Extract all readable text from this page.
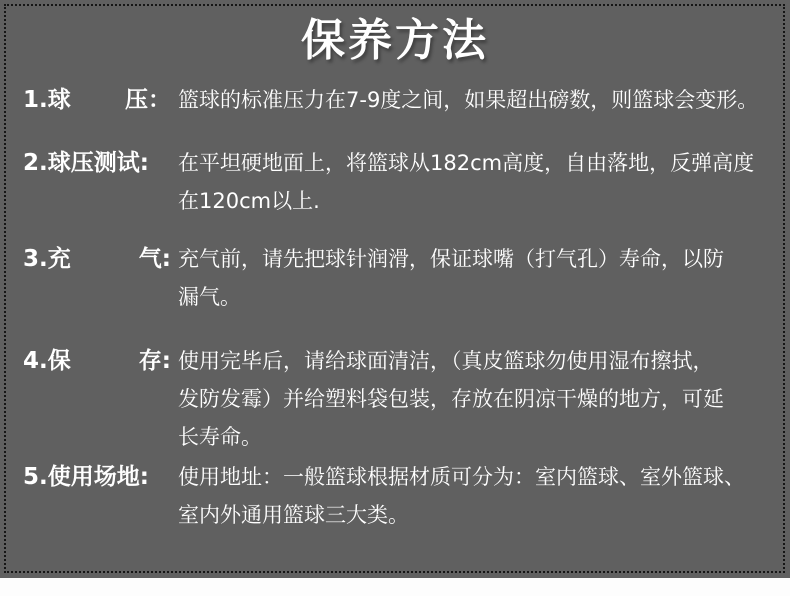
保养方法
1.球 压： 篮球的标准压力在7-9度之间，如果超出磅数，则篮球会变形。
2.球压测试: 在平坦硬地面上，将篮球从182cm高度，自由落地，反弹高度
在120cm以上.
3.充	气: 充气前，请先把球针润滑，保证球嘴（打气孔）寿命，以防
漏气。
4.保	存: 使用完毕后，请给球面清洁，（真皮篮球勿使用湿布擦拭，
发防发霉）并给塑料袋包装，存放在阴凉干燥的地方，可延
长寿命。
5.使用场地: 使用地址：一般篮球根据材质可分为：室内篮球、室外篮球、
室内外通用篮球三大类。
